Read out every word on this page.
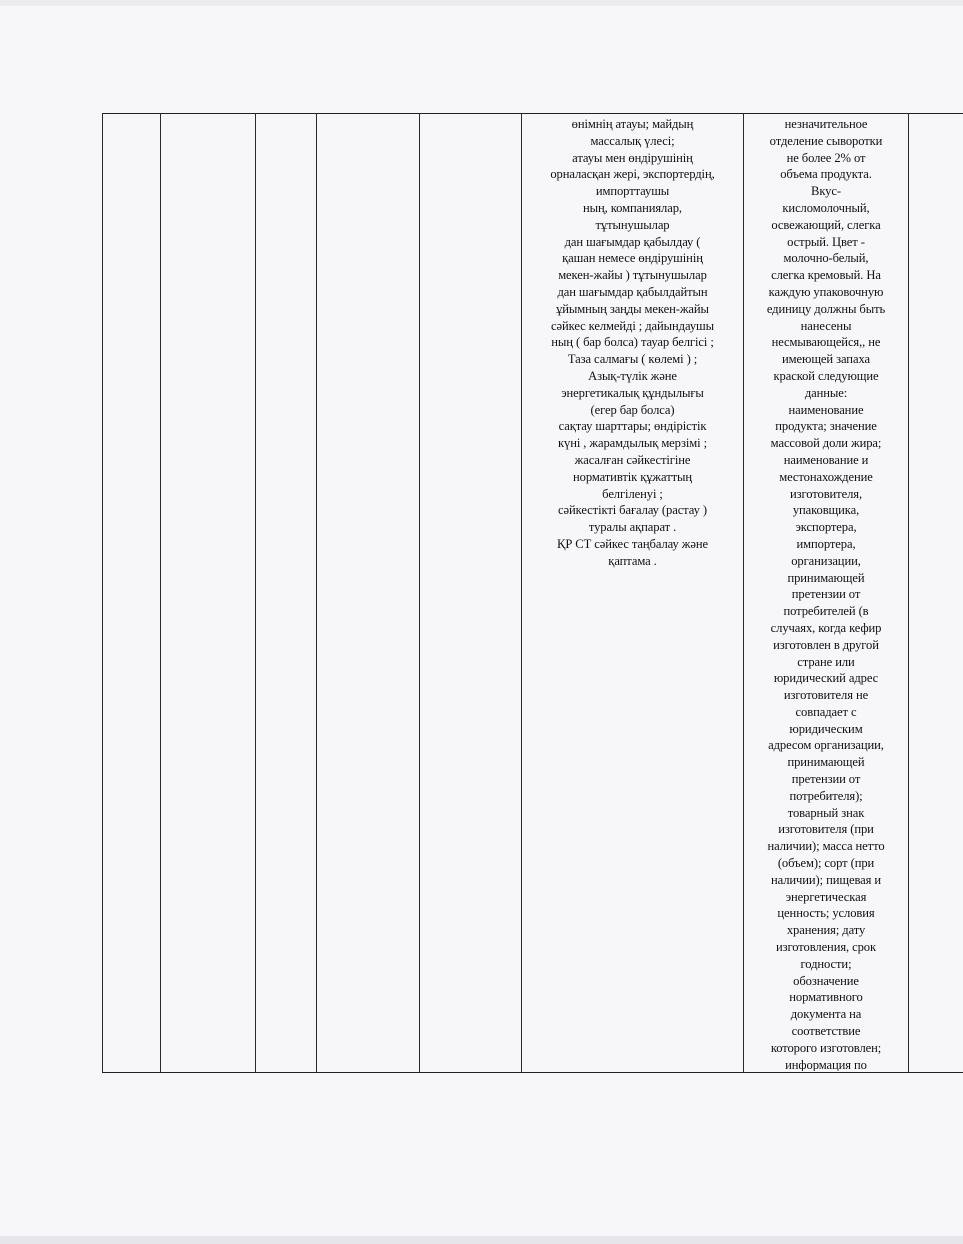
өнімнің атауы; майдың
массалық үлесі;
атауы мен өндірушінің
орналасқан жері, экспортердің,
импорттаушы
ның, компаниялар,
тұтынушылар
дан шағымдар қабылдау (
қашан немесе өндірушінің
мекен-жайы ) тұтынушылар
дан шағымдар қабылдайтын
ұйымның заңды мекен-жайы
сәйкес келмейді ; дайындаушы
ның ( бар болса) тауар белгісі ;
Таза салмағы ( көлемі ) ;
Азық-түлік және
энергетикалық құндылығы
(егер бар болса)
сақтау шарттары; өндірістік
күні , жарамдылық мерзімі ;
жасалған сәйкестігіне
нормативтік құжаттың
белгіленуі ;
сәйкестікті бағалау (растау )
туралы ақпарат .
ҚР СТ сәйкес таңбалау және
қаптама .
незначительное
отделение сыворотки
не более 2% от
объема продукта.
Вкус-
кисломолочный,
освежающий, слегка
острый. Цвет -
молочно-белый,
слегка кремовый. На
каждую упаковочную
единицу должны быть
нанесены
несмывающейся,, не
имеющей запаха
краской следующие
данные:
наименование
продукта; значение
массовой доли жира;
наименование и
местонахождение
изготовителя,
упаковщика,
экспортера,
импортера,
организации,
принимающей
претензии от
потребителей (в
случаях, когда кефир
изготовлен в другой
стране или
юридический адрес
изготовителя не
совпадает с
юридическим
адресом организации,
принимающей
претензии от
потребителя);
товарный знак
изготовителя (при
наличии); масса нетто
(объем); сорт (при
наличии); пищевая и
энергетическая
ценность; условия
хранения; дату
изготовления, срок
годности;
обозначение
нормативного
документа на
соответствие
которого изготовлен;
информация по
